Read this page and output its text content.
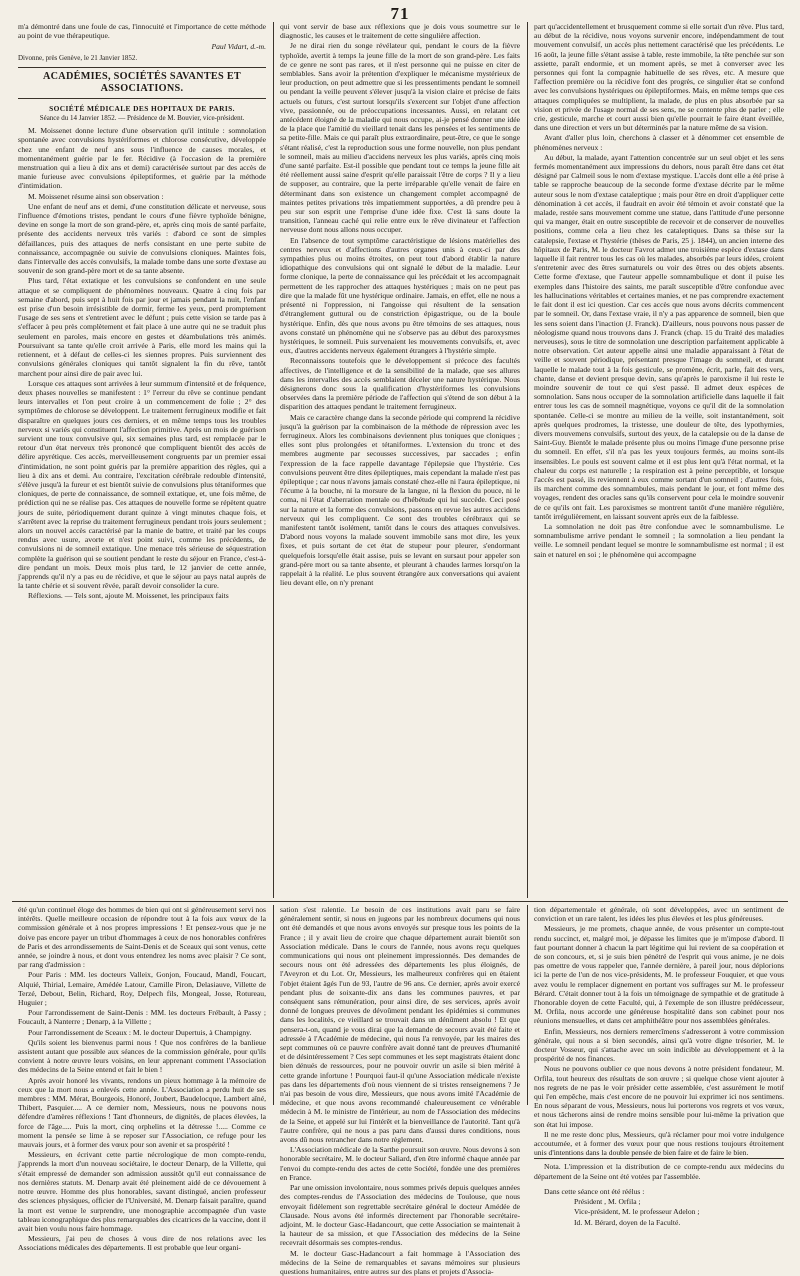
71

m'a démontré dans une foule de cas, l'innocuité et l'importance de cette méthode au point de vue thérapeutique.

Paul Vidart, d.-m.
Divonne, près Genève, le 21 Janvier 1852.
ACADÉMIES, SOCIÉTÉS SAVANTES ET ASSOCIATIONS.
SOCIÉTÉ MÉDICALE DES HOPITAUX DE PARIS.
Séance du 14 Janvier 1852. — Présidence de M. Bouvier, vice-président.

M. Moissenet donne lecture d'une observation qu'il intitule : somnolation spontanée avec convulsions hystériformes et chlorose consécutive, développée chez une enfant de neuf ans sous l'influence de causes morales, et momentanément guérie par le fer. Récidive (à l'occasion de la première menstruation qui a lieu à dix ans et demi) caractérisée surtout par des accès de manie furieuse avec convulsions épileptiformes, et guérie par la méthode d'intimidation.

M. Moissenet résume ainsi son observation :

Une enfant de neuf ans et demi, d'une constitution délicate et nerveuse, sous l'influence d'émotions tristes, pendant le cours d'une fièvre typhoïde bénigne, devine en songe la mort de son grand-père, et, après cinq mois de santé parfaite, présente des accidents nerveux très variés : d'abord ce sont de simples défaillances, puis des attaques de nerfs consistant en une perte subite de connaissance, accompagnée ou suivie de convulsions cloniques. Maintes fois, dans l'intervalle des accès convulsifs, la malade tombe dans une sorte d'extase au souvenir de son grand-père mort et de sa tante absente.

Plus tard, l'état extatique et les convulsions se confondent en une seule attaque et se compliquent de phénomènes nouveaux. Quatre à cinq fois par semaine d'abord, puis sept à huit fois par jour et jamais pendant la nuit, l'enfant est prise d'un besoin irrésistible de dormir, ferme les yeux, perd promptement l'usage de ses sens et s'entretient avec le défunt ; puis cette vision se tarde pas à s'effacer à peu près complètement et fait place à une autre qui ne se traduit plus seulement en paroles, mais encore en gestes et déambulations très animés. Poursuivant sa tante qu'elle croit arrivée à Paris, elle mord les mains qui la retiennent, et à défaut de celles-ci les siennes propres. Puis surviennent des convulsions générales cloniques qui tantôt signalent la fin du rêve, tantôt marchent pour ainsi dire de pair avec lui.

Lorsque ces attaques sont arrivées à leur summum d'intensité et de fréquence, deux phases nouvelles se manifestent : 1° l'erreur du rêve se continue pendant leurs intervalles et l'on peut croire à un commencement de folie ; 2° des symptômes de chlorose se développent. Le traitement ferrugineux modifie et fait disparaître en quelques jours ces derniers, et en même temps tous les troubles nerveux si variés qui constituent l'affection primitive. Après un mois de guérison survient une toux convulsive qui, six semaines plus tard, est remplacée par le retour d'un état nerveux très prononcé que compliquent bientôt des accès de délire apyrétique. Ces accès, merveilleusement congruents par un premier essai d'intimidation, ne sont point guéris par la première apparition des règles, qui a lieu à dix ans et demi. Au contraire, l'excitation cérébrale redouble d'intensité, s'élève jusqu'à la fureur et est bientôt suivie de convulsions plus tétaniformes que cloniques, de perte de connaissance, de somneil extatique, et, une fois même, de prédiction qui ne se réalise pas. Ces attaques de nouvelle forme se répètent quatre jours de suite, périodiquement durant quinze à vingt minutes chaque fois, et s'arrêtent avec la reprise du traitement ferrugineux pendant trois jours seulement ; alors un nouvel accès caractérisé par la manie de battre, et traité par les coups rendus avec usure, avorte et n'est point suivi, comme les précédents, de convulsions ni de somneil extatique. Une menace très sérieuse de séquestration complète la guérison qui se soutient pendant le reste du séjour en France, c'est-à-dire pendant un mois. Deux mois plus tard, le 12 janvier de cette année, j'apprends qu'il n'y a pas eu de récidive, et que le séjour au pays natal auprès de la tante chérie et si souvent rêvée, paraît devoir consolider la cure.

Réflexions. — Tels sont, ajoute M. Moissenet, les principaux faits

qui vont servir de base aux réflexions que je dois vous soumettre sur le diagnostic, les causes et le traitement de cette singulière affection.

Je ne dirai rien du songe révélateur qui, pendant le cours de la fièvre typhoïde, avertit à temps la jeune fille de la mort de son grand-père. Les faits de ce genre ne sont pas rares, et il n'est personne qui ne puisse en citer de semblables. Sans avoir la prétention d'expliquer le mécanisme mystérieux de leur production, on peut admettre que si les pressentiments pendant le somneil ou pendant la veille peuvent s'élever jusqu'à la vision claire et précise de faits actuels ou futurs, c'est surtout lorsqu'ils s'exercent sur l'objet d'une affection vive, passionnée, ou de préoccupations incessantes. Aussi, en relatant cet antécédent éloigné de la maladie qui nous occupe, ai-je pensé donner une idée de la place que l'amitié du vieillard tenait dans les pensées et les sentiments de sa petite-fille. Mais ce qui paraît plus extraordinaire, peut-être, ce que le songe s'étant réalisé, c'est la reproduction sous une forme nouvelle, non plus pendant le somneil, mais au milieu d'accidens nerveux les plus variés, après cinq mois d'une santé parfaite. Est-il possible que pendant tout ce temps la jeune fille ait été réellement aussi saine d'esprit qu'elle paraissait l'être de corps ? Il y a lieu de supposer, au contraire, que la perte irréparable qu'elle venait de faire en déterminant dans son existence un changement complet accompagné de maintes petites privations très impatiemment supportées, a dû prendre peu à peu sur son esprit une l'emprise d'une idée fixe. C'est là sans doute la transition, l'anneau caché qui relie entre eux le rêve divinateur et l'affection nerveuse dont nous allons nous occuper.

En l'absence de tout symptôme caractéristique de lésions matérielles des centres nerveux et d'affections d'autres organes unis à ceux-ci par des sympathies plus ou moins étroites, on peut tout d'abord établir la nature idiopathique des convulsions qui ont signalé le début de la maladie. Leur forme clonique, la perte de connaissance qui les précédait et les accompagnait permettent de les rapprocher des attaques hystériques ; mais on ne peut pas dire que la malade fût une hystérique ordinaire. Jamais, en effet, elle ne nous a présenté ni l'oppression, ni l'angoisse qui résultent de la sensation d'étranglement guttural ou de constriction épigastrique, ou de la boule hystérique. Enfin, dès que nous avons pu être témoins de ses attaques, nous avons constaté un phénomène qui ne s'observe pas au début des paroxysmes hystériques, le somneil. Puis survenaient les mouvements convulsifs, et, avec eux, d'autres accidents nerveux également étrangers à l'hystérie simple.

Reconnaissons toutefois que le développement si précoce des facultés affectives, de l'intelligence et de la sensibilité de la malade, que ses allures dans les intervalles des accès semblaient déceler une nature hystérique. Nous désignerons donc sous la qualification d'hystériformes les convulsions observées dans la première période de l'affection qui s'étend de son début à la disparition des attaques pendant le traitement ferrugineux.

Mais ce caractère change dans la seconde période qui comprend la récidive jusqu'à la guérison par la combinaison de la méthode de répression avec les ferrugineux. Alors les combinaisons deviennent plus toniques que cloniques ; elles sont plus prolongées et tétaniformes. L'extension du tronc et des membres augmente par secousses successives, par saccades ; enfin l'expression de la face rappelle davantage l'épilepsie que l'hystérie. Ces convulsions peuvent être dites épileptiques, mais cependant la malade n'est pas épileptique ; car nous n'avons jamais constaté chez-elle ni l'aura épileptique, ni l'écume à la bouche, ni la morsure de la langue, ni la flexion du pouce, ni le coma, ni l'état d'aberration mentale ou d'hébétude qui lui succède. Ceci posé sur la nature et la forme des convulsions, passons en revue les autres accidens nerveux qui les compliquent. Ce sont des troubles cérébraux qui se manifestent tantôt isolément, tantôt dans le cours des attaques convulsives. D'abord nous voyons la malade souvent immobile sans mot dire, les yeux fixes, et puis sortant de cet état de stupeur pour pleurer, s'endormant quelquefois lorsqu'elle était assise, puis se levant en sursaut pour appeler son grand-père mort ou sa tante absente, et pleurant à chaudes larmes lorsqu'on la rappelait à la réalité. Le plus souvent étrangère aux conversations qui avaient lieu devant elle, on n'y prenant

part qu'accidentellement et brusquement comme si elle sortait d'un rêve. Plus tard, au début de la récidive, nous voyons survenir encore, indépendamment de tout mouvement convulsif, un accès plus nettement caractérisé que les précédents. Le 16 août, la jeune fille s'étant assise à table, reste immobile, la tête penchée sur son assiette, paraît endormie, et un moment après, se met à converser avec les personnes qui font la compagnie habituelle de ses rêves, etc. A mesure que l'affection première ou la récidive font des progrès, ce singulier état se confond avec les convulsions hystériques ou épileptiformes. Mais, en même temps que ces attaques compliquées se multiplient, la malade, de plus en plus absorbée par sa vision et privée de l'usage normal de ses sens, ne se contente plus de parler ; elle crie, gesticule, marche et court aussi bien qu'elle pourrait le faire étant éveillée, dans une direction et vers un but déterminés par la nature même de sa vision.

Avant d'aller plus loin, cherchons à classer et à dénommer cet ensemble de phénomènes nerveux :

Au début, la malade, ayant l'attention concentrée sur un seul objet et les sens fermés momentanément aux impressions du dehors, nous paraît être dans cet état désigné par Calmeil sous le nom d'extase mystique. L'accès dont elle a été prise à table se rapproche beaucoup de la seconde forme d'extase décrite par le même auteur sous le nom d'extase cataleptique ; mais pour être en droit d'appliquer cette dénomination à cet accès, il faudrait en avoir été témoin et avoir constaté que la malade, restée sans mouvement comme une statue, dans l'attitude d'une personne qui va manger, était en outre susceptible de recevoir et de conserver de nouvelles positions, comme cela a lieu chez les cataleptiques. Dans sa thèse sur la catalepsie, l'extase et l'hystérie (thèses de Paris, 25 j. 1844), un ancien interne des hôpitaux de Paris, M. le docteur Favrot admet une troisième espèce d'extase dans laquelle il fait rentrer tous les cas où les malades, absorbés par leurs idées, croient s'entretenir avec des êtres surnaturels ou voir des êtres ou des objets absents. Cette forme d'extase, que l'auteur appelle somnambulique et dont il puise les exemples dans l'histoire des saints, me paraît susceptible d'être confondue avec les hallucinations véritables et certaines manies, et ne pas comprendre exactement le fait dont il est ici question. Car ces accès que nous avons décrits commencent par le somneil. Or, dans l'extase vraie, il n'y a pas apparence de somneil, bien que les sens soient dans l'inaction (J. Franck). D'ailleurs, nous pouvons nous passer de néologisme quand nous trouvons dans J. Franck (chap. 15 du Traité des maladies nerveuses), sous le titre de somnolation une description parfaitement applicable à notre observation. Cet auteur appelle ainsi une maladie apparaissant à l'état de veille et souvent périodique, présentant presque l'image du somneil, et durant laquelle le malade tout à la fois gesticule, se promène, écrit, parle, fait des vers, chante, danse et devient presque devin, sans qu'après le paroxisme il lui reste le moindre souvenir de tout ce qui s'est passé. Il admet deux espèces de somnolation. Sans nous occuper de la somnolation artificielle dans laquelle il fait entrer tous les cas de somneil magnétique, voyons ce qu'il dit de la somnolation spontanée. Celle-ci se montre au milieu de la veille, soit instantanément, soit après quelques prodromes, la tristesse, une douleur de tête, des lypothymies, divers mouvemens convulsifs, surtout des yeux, de la catalepsie ou de la danse de Saint-Guy. Bientôt le malade présente plus ou moins l'image d'une personne prise du somneil. En effet, s'il n'a pas les yeux toujours fermés, au moins sont-ils insensibles. Le pouls est souvent calme et il est plus lent qu'à l'état normal, et la chaleur du corps est naturelle ; la respiration est à peine perceptible, et lorsque l'accès est passé, ils reviennent à eux comme sortant d'un somneil ; d'autres fois, ils marchent comme des somnambules, mais pendant le jour, et font même des voyages, rendent des oracles sans qu'ils conservent pour cela le moindre souvenir de ce qu'ils ont fait. Les paroxismes se montrent tantôt d'une manière régulière, tantôt irrégulièrement, en laissant souvent après eux de la faiblesse.

La somnolation ne doit pas être confondue avec le somnambulisme. Le somnambulisme arrive pendant le somneil ; la somnolation a lieu pendant la veille. Le somneil pendant lequel se montre le somnambulisme est normal ; il est sain et naturel en soi ; le phénomène qui accompagne

été qu'un continuel éloge des hommes de bien qui ont si généreusement servi nos intérêts. Quelle meilleure occasion de répondre tout à la fois aux vœux de la commission générale et à nos propres impressions ! Et pensez-vous que je ne doive pas encore payer un tribut d'hommages à ceux de nos honorables confrères de Paris et des arrondissements de Saint-Denis et de Sceaux qui sont venus, cette année, se joindre à nous, et dont vous entendrez les noms avec plaisir ? Ce sont, par rang d'admission :

Pour Paris : MM. les docteurs Valleix, Gonjon, Foucaud, Mandl, Foucart, Alquié, Thirial, Lemaire, Amédée Latour, Camille Piron, Delasiauve, Villette de Terzé, Debout, Belin, Richard, Roy, Delpech fils, Mongeal, Josse, Rotureau, Huguier ;

Pour l'arrondissement de Saint-Denis : MM. les docteurs Frébault, à Passy ; Foucault, à Nanterre ; Denarp, à la Villette ;

Pour l'arrondissement de Sceaux : M. le docteur Dupertuis, à Champigny.

Qu'ils soient les bienvenus parmi nous ! Que nos confrères de la banlieue assistent autant que possible aux séances de la commission générale, pour qu'ils convient à notre œuvre leurs voisins, en leur apprenant comment l'Association des médecins de la Seine entend et fait le bien !

Après avoir honoré les vivants, rendons un pieux hommage à la mémoire de ceux que la mort nous a enlevés cette année. L'Association a perdu huit de ses membres : MM. Mérat, Bourgeois, Honoré, Joubert, Baudelocque, Lambert aîné, Thibert, Pasquier..... A ce dernier nom, Messieurs, nous ne pouvons nous défendre d'amères réflexions ! Tant d'honneurs, de dignités, de places élevées, la force de l'âge..... Puis la mort, cinq orphelins et la détresse !..... Comme ce moment la pensée se lime à se reposer sur l'Association, ce refuge pour les mauvais jours, et à former des vœux pour son avenir et sa prospérité !

Messieurs, en écrivant cette partie nécrologique de mon compte-rendu, j'apprends la mort d'un nouveau sociétaire, le docteur Denarp, de la Villette, qui s'était empressé de demander son admission aussitôt qu'il eut connaissance de nos dernières statuts. M. Denarp avait été pleinement aidé de ce dévouement à notre œuvre. Homme des plus honorables, savant distingué, ancien professeur des sciences physiques, officier de l'Université, M. Denarp faisait paraître, quand la mort est venue le surprendre, une monographie accompagnée d'un vaste tableau iconographique des plus remarquables des cicatrices de la vaccine, dont il avait bien voulu nous faire hommage.

Messieurs, j'ai peu de choses à vous dire de nos relations avec les Associations médicales des départements. Il est probable que leur organi-

sation s'est ralentie. Le besoin de ces institutions avait paru se faire généralement sentir, si nous en jugeons par les nombreux documens qui nous ont été demandés et que nous avons envoyés sur presque tous les points de la France ; il y avait lieu de croire que chaque département aurait bientôt son Association médicale. Dans le cours de l'année, nous avons reçu quelques communications qui nous ont pleinement impressionnés. Des demandes de secours nous ont été adressées des départements les plus éloignés, de l'Aveyron et du Lot. Or, Messieurs, les malheureux confrères qui en étaient l'objet étaient âgés l'un de 93, l'autre de 96 ans. Ce dernier, après avoir exercé pendant plus de soixante-dix ans dans les communes pauvres, et par conséquent sans rémunération, pour ainsi dire, de ses services, après avoir donné de longues preuves de dévoûment pendant les épidémies si communes dans les localités, ce vieillard se trouvait dans un dénûment absolu ! Et que pensera-t-on, quand je vous dirai que la demande de secours avait été faite et adressée à l'Académie de médecine, qui nous l'a renvoyée, par les maires des sept communes où ce pauvre confrère avait donné tant de preuves d'humanité et de désintéressement ? Ces sept communes et les sept magistrats étaient donc bien dénués de ressources, pour ne pouvoir ouvrir un asile si bien mérité à cette grande infortune ! Pourquoi faut-il qu'une Association médicale n'existe pas dans les départements d'où nous viennent de si tristes renseignemens ? Je n'ai pas besoin de vous dire, Messieurs, que nous avons imité l'Académie de médecine, et que nous avons recommandé chaleureusement ce vénérable médecin à M. le ministre de l'intérieur, au nom de l'Association des médecins de la Seine, et appelé sur lui l'intérêt et la bienveillance de l'autorité. Tant qu'à l'autre confrère, qui ne nous a pas paru dans d'aussi dures conditions, nous avons dû nous retrancher dans notre règlement.

L'Association médicale de la Sarthe poursuit son œuvre. Nous devons à son honorable secrétaire, M. le docteur Saliard, d'en être informé chaque année par l'envoi du compte-rendu des actes de cette Société, fondée une des premières en France.

Par une omission involontaire, nous sommes privés depuis quelques années des comptes-rendus de l'Association des médecins de Toulouse, que nous envoyait fidèlement son regrettable secrétaire général le docteur Amédée de Clausade. Nous avons été informés directement par l'honorable secrétaire-adjoint, M. le docteur Gasc-Hadancourt, que cette Association se maintenait à la hauteur de sa mission, et que l'Association des médecins de la Seine recevrait désormais ses comptes-rendus.

M. le docteur Gasc-Hadancourt a fait hommage à l'Association des médecins de la Seine de remarquables et savans mémoires sur plusieurs questions humanitaires, entre autres sur des plans et projets d'Associa-

tion départementale et générale, où sont développées, avec un sentiment de conviction et un rare talent, les idées les plus élevées et les plus généreuses.

Messieurs, je me promets, chaque année, de vous présenter un compte-tout rendu succinct, et, malgré moi, je dépasse les limites que je m'impose d'abord. Il faut pourtant donner à chacun la part légitime qui lui revient de sa coopération et de son concours, et, si je suis bien pénétré de l'esprit qui vous anime, je ne dois pas omettre de vous rappeler que, l'année dernière, à pareil jour, nous déplorions ici la perte de l'un de nos vice-présidents, M. le professeur Fouquier, et que vous avez voulu le remplacer dignement en portant vos suffrages sur M. le professeur Bérard. C'était donner tout à la fois un témoignage de sympathie et de gratitude à l'honorable doyen de cette Faculté, qui, à l'exemple de son illustre prédécesseur, M. Orfila, nous accorde une généreuse hospitalité dans son cabinet pour nos réunions mensuelles, et dans cet amphithéâtre pour nos assemblées générales.

Enfin, Messieurs, nos derniers remercîmens s'adresseront à votre commission générale, qui nous a si bien secondés, ainsi qu'à votre digne trésorier, M. le docteur Vosseur, qui s'attache avec un soin indicible au développement et à la prospérité de nos finances.

Nous ne pouvons oublier ce que nous devons à notre président fondateur, M. Orfila, tout heureux des résultats de son œuvre ; si quelque chose vient ajouter à nos regrets de ne pas le voir présider cette assemblée, c'est assurément le motif qui l'en empêche, mais c'est encore de ne pouvoir lui exprimer ici nos sentimens. En nous séparant de vous, Messieurs, nous lui porterons vos regrets et vos vœux, et nous tâcherons ainsi de rendre moins sensible pour lui-même la privation que son état lui impose.

Il ne me reste donc plus, Messieurs, qu'à réclamer pour moi votre indulgence accoutumée, et à former des vœux pour que nous restions toujours étroitement unis d'intentions dans la double pensée de bien faire et de faire le bien.

Nota. L'impression et la distribution de ce compte-rendu aux médecins du département de la Seine ont été votées par l'assemblée.

Dans cette séance ont été réélus :
Président , M. Orfila ;
Vice-président, M. le professeur Adelon ;
Id. M. Bérard, doyen de la Faculté.
